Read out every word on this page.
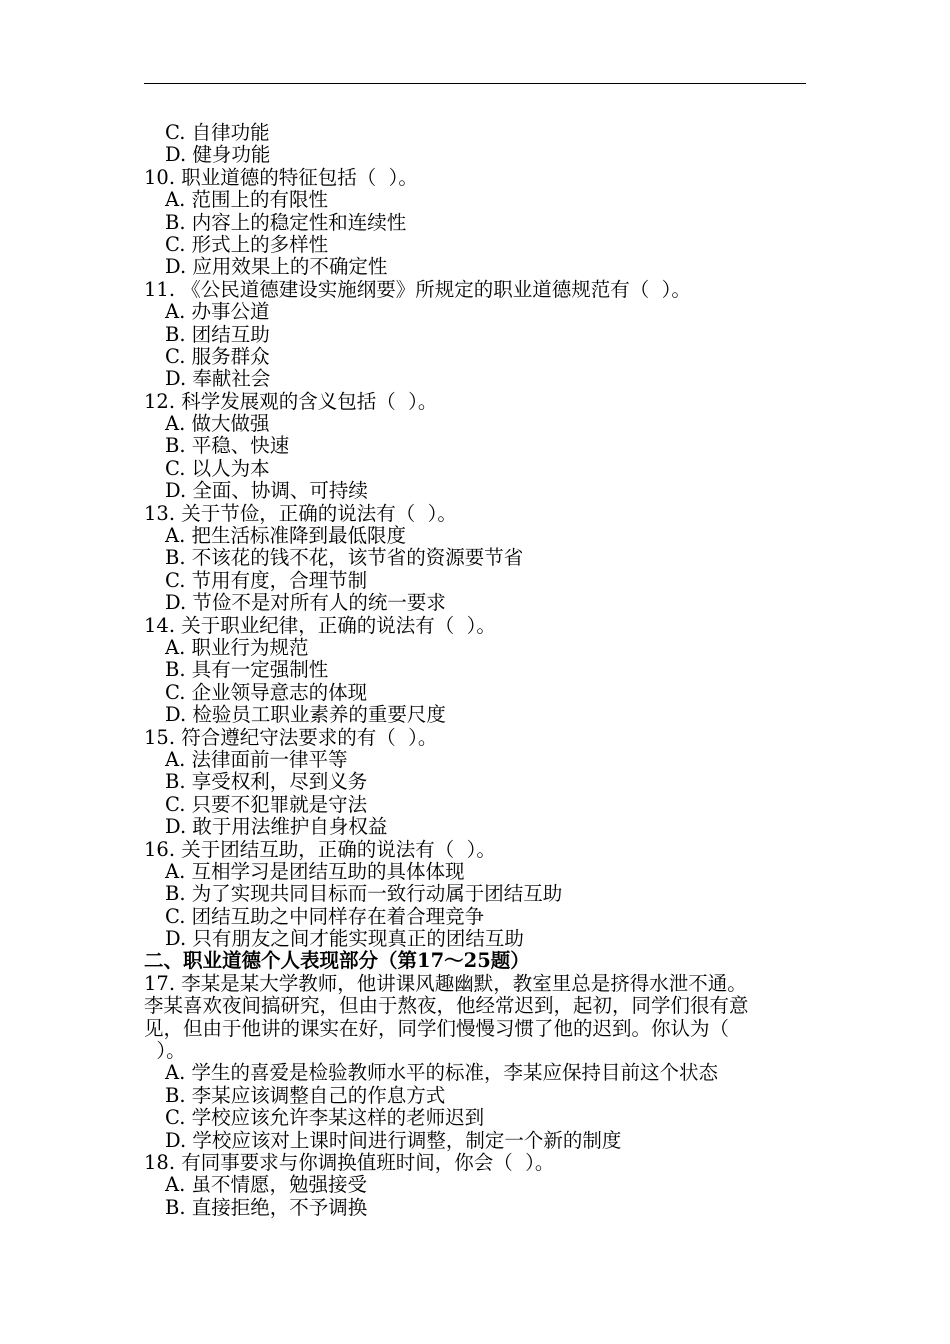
C. 自律功能
D. 健身功能
10. 职业道德的特征包括（  ）。
A. 范围上的有限性
B. 内容上的稳定性和连续性
C. 形式上的多样性
D. 应用效果上的不确定性
11. 《公民道德建设实施纲要》所规定的职业道德规范有（  ）。
A. 办事公道
B. 团结互助
C. 服务群众
D. 奉献社会
12. 科学发展观的含义包括（  ）。
A. 做大做强
B. 平稳、快速
C. 以人为本
D. 全面、协调、可持续
13. 关于节俭，正确的说法有（  ）。
A. 把生活标准降到最低限度
B. 不该花的钱不花，该节省的资源要节省
C. 节用有度，合理节制
D. 节俭不是对所有人的统一要求
14. 关于职业纪律，正确的说法有（  ）。
A. 职业行为规范
B. 具有一定强制性
C. 企业领导意志的体现
D. 检验员工职业素养的重要尺度
15. 符合遵纪守法要求的有（  ）。
A. 法律面前一律平等
B. 享受权利，尽到义务
C. 只要不犯罪就是守法
D. 敢于用法维护自身权益
16. 关于团结互助，正确的说法有（  ）。
A. 互相学习是团结互助的具体体现
B. 为了实现共同目标而一致行动属于团结互助
C. 团结互助之中同样存在着合理竞争
D. 只有朋友之间才能实现真正的团结互助
二、职业道德个人表现部分（第17～25题）
17. 李某是某大学教师，他讲课风趣幽默，教室里总是挤得水泄不通。
李某喜欢夜间搞研究，但由于熬夜，他经常迟到，起初，同学们很有意
见，但由于他讲的课实在好，同学们慢慢习惯了他的迟到。你认为（
）。
A. 学生的喜爱是检验教师水平的标准，李某应保持目前这个状态
B. 李某应该调整自己的作息方式
C. 学校应该允许李某这样的老师迟到
D. 学校应该对上课时间进行调整，制定一个新的制度
18. 有同事要求与你调换值班时间，你会（  ）。
A. 虽不情愿，勉强接受
B. 直接拒绝，不予调换
